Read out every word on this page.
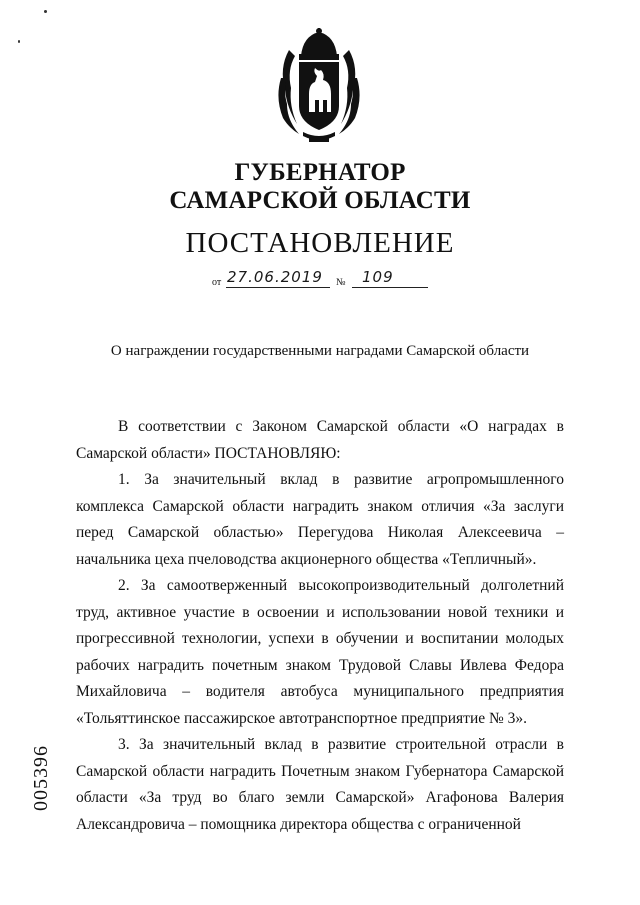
ГУБЕРНАТОР
САМАРСКОЙ ОБЛАСТИ
ПОСТАНОВЛЕНИЕ
от 27.06.2019 № 109
О награждении государственными наградами Самарской области

В соответствии с Законом Самарской области «О наградах в Самарской области» ПОСТАНОВЛЯЮ:

1. За значительный вклад в развитие агропромышленного комплекса Самарской области наградить знаком отличия «За заслуги перед Самарской областью» Перегудова Николая Алексеевича – начальника цеха пчеловодства акционерного общества «Тепличный».

2. За самоотверженный высокопроизводительный долголетний труд, активное участие в освоении и использовании новой техники и прогрессивной технологии, успехи в обучении и воспитании молодых рабочих наградить почетным знаком Трудовой Славы Ивлева Федора Михайловича – водителя автобуса муниципального предприятия «Тольяттинское пассажирское автотранспортное предприятие № 3».

3. За значительный вклад в развитие строительной отрасли в Самарской области наградить Почетным знаком Губернатора Самарской области «За труд во благо земли Самарской» Агафонова Валерия Александровича – помощника директора общества с ограниченной

005396
